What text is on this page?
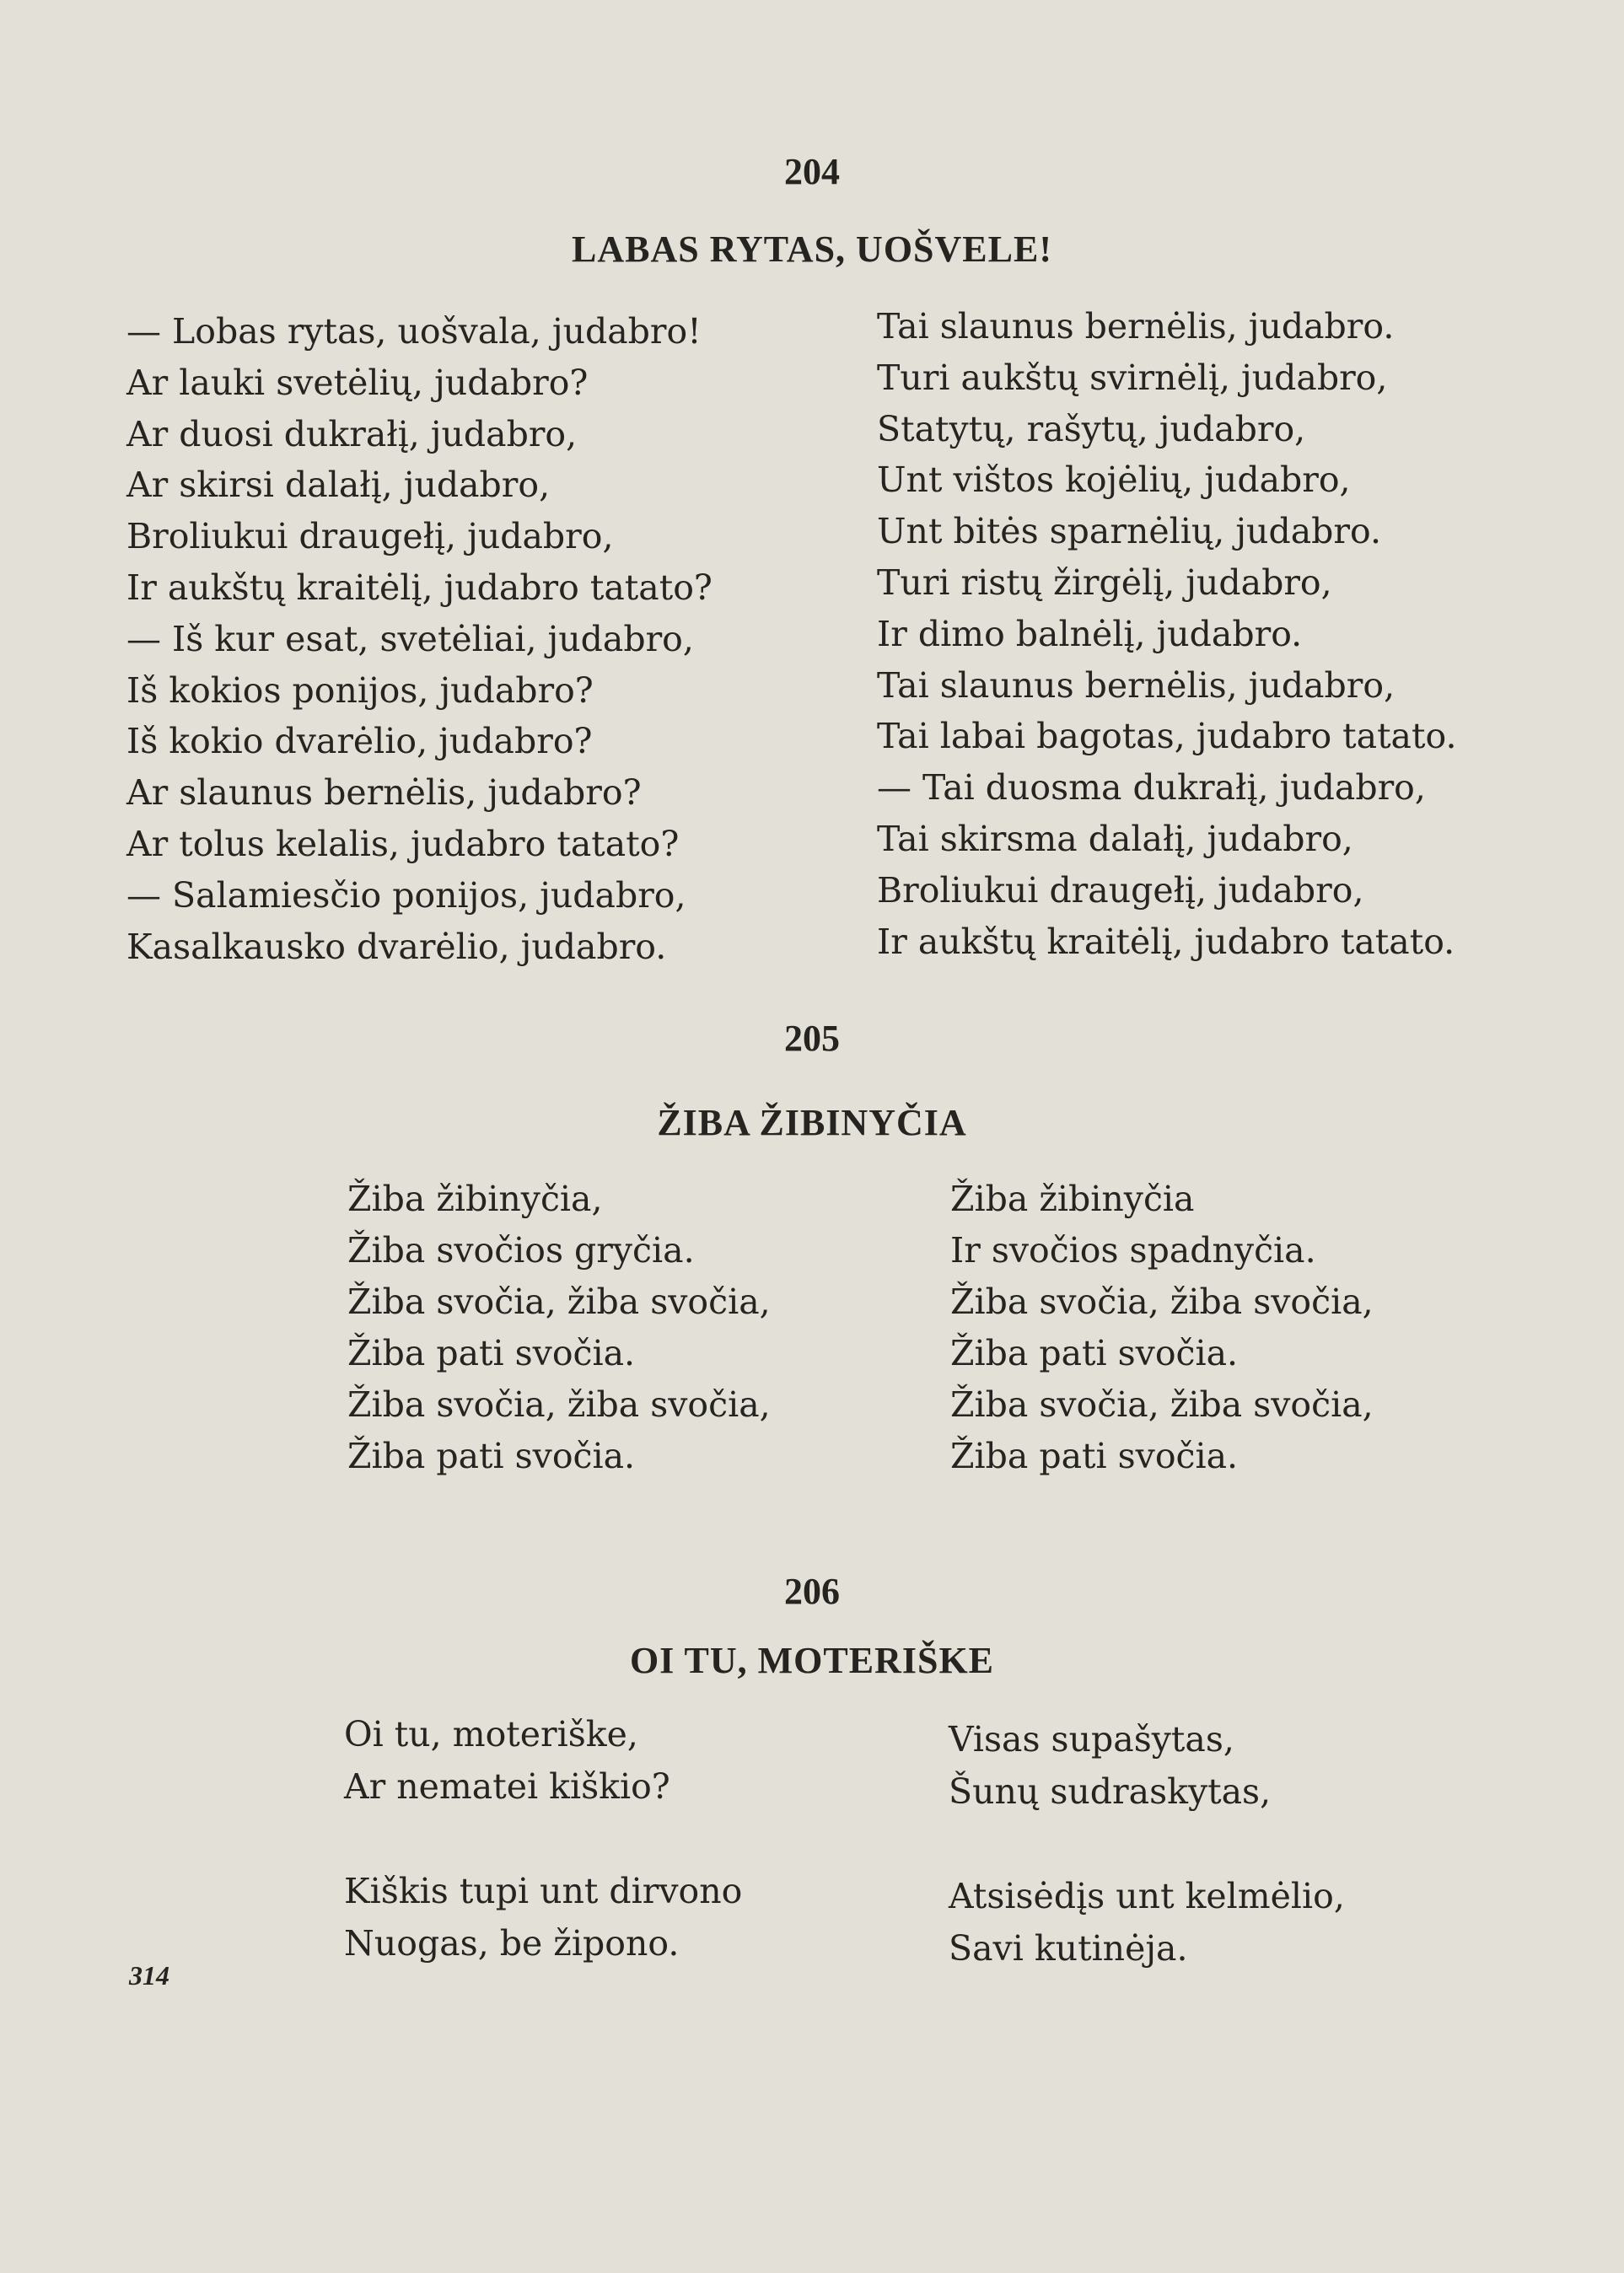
204
LABAS RYTAS, UOŠVELE!
— Lobas rytas, uošvala, judabro!
Ar lauki svetėlių, judabro?
Ar duosi dukrałį, judabro,
Ar skirsi dalałį, judabro,
Broliukui draugełį, judabro,
Ir aukštų kraitėlį, judabro tatato?
— Iš kur esat, svetėliai, judabro,
Iš kokios ponijos, judabro?
Iš kokio dvarėlio, judabro?
Ar slaunus bernėlis, judabro?
Ar tolus kelalis, judabro tatato?
— Salamiesčio ponijos, judabro,
Kasalkausko dvarėlio, judabro.
Tai slaunus bernėlis, judabro.
Turi aukštų svirnėlį, judabro,
Statytų, rašytų, judabro,
Unt vištos kojėlių, judabro,
Unt bitės sparnėlių, judabro.
Turi ristų žirgėlį, judabro,
Ir dimo balnėlį, judabro.
Tai slaunus bernėlis, judabro,
Tai labai bagotas, judabro tatato.
— Tai duosma dukrałį, judabro,
Tai skirsma dalałį, judabro,
Broliukui draugełį, judabro,
Ir aukštų kraitėlį, judabro tatato.
205
ŽIBA ŽIBINYČIA
Žiba žibinyčia,
Žiba svočios gryčia.
Žiba svočia, žiba svočia,
Žiba pati svočia.
Žiba svočia, žiba svočia,
Žiba pati svočia.
Žiba žibinyčia
Ir svočios spadnyčia.
Žiba svočia, žiba svočia,
Žiba pati svočia.
Žiba svočia, žiba svočia,
Žiba pati svočia.
206
OI TU, MOTERIŠKE
Oi tu, moteriške,
Ar nematei kiškio?
Kiškis tupi unt dirvono
Nuogas, be žipono.
Visas supašytas,
Šunų sudraskytas,
Atsisėdįs unt kelmėlio,
Savi kutinėja.
314
